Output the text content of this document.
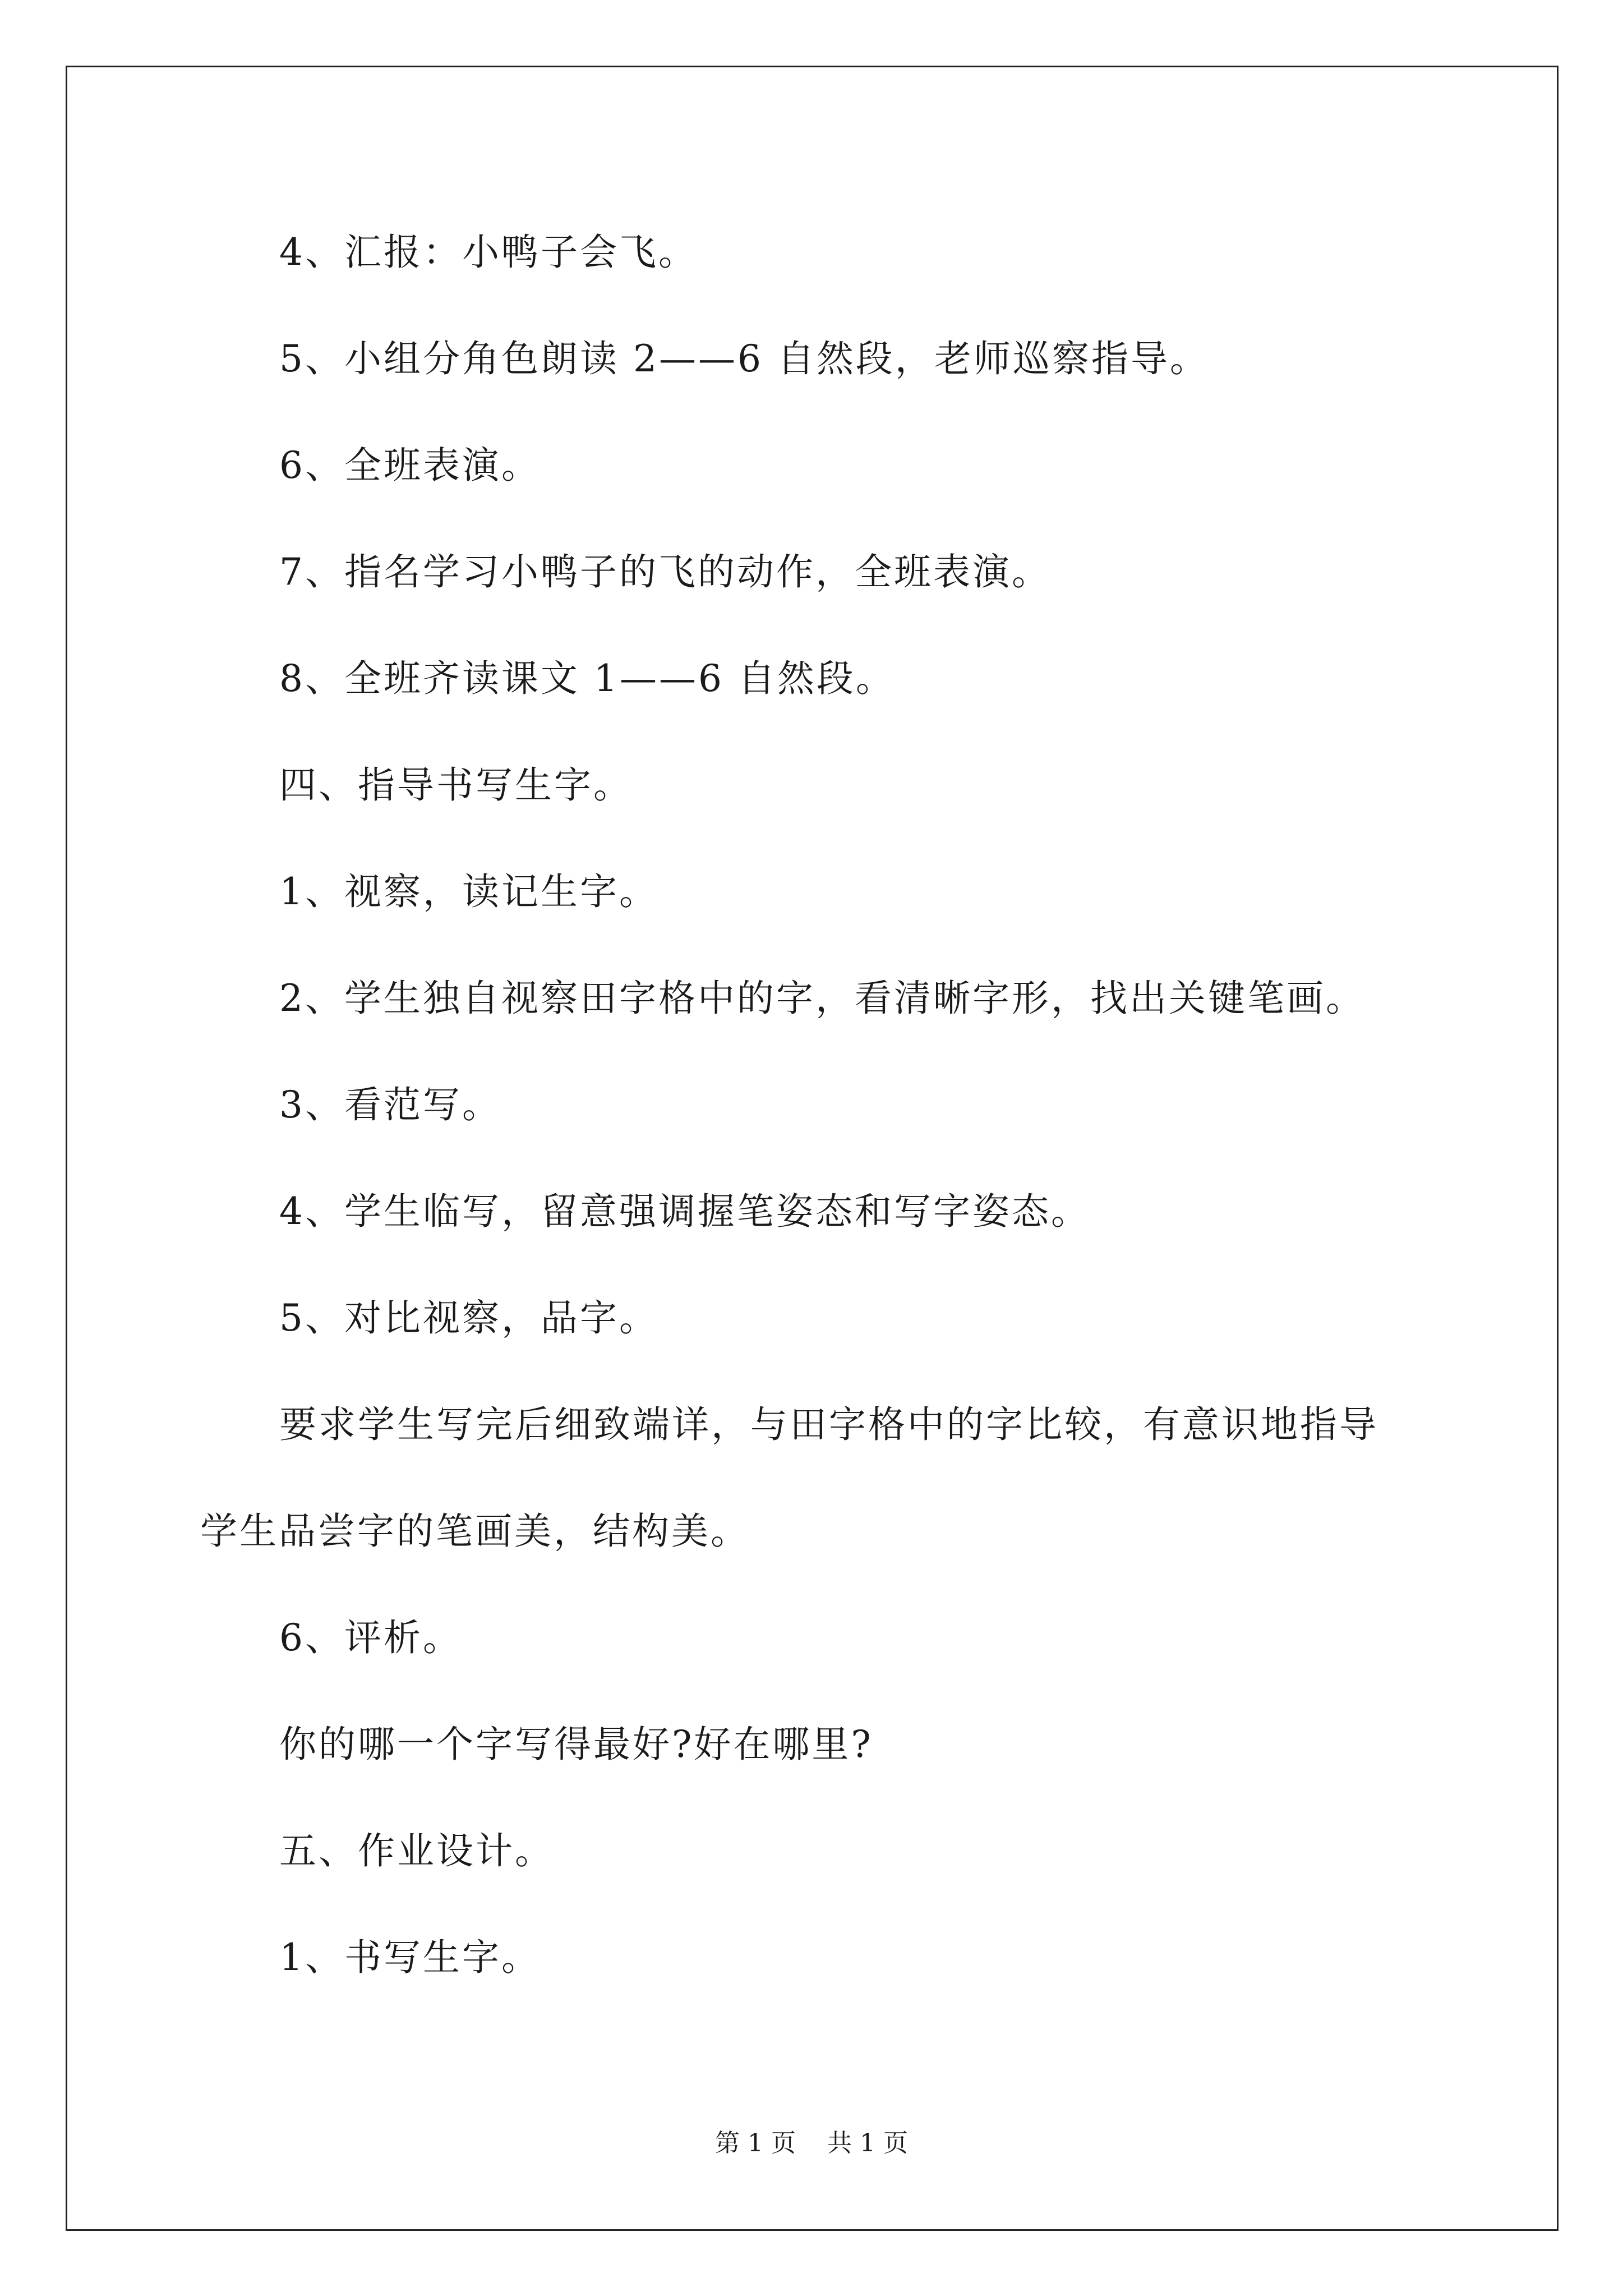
4、汇报：小鸭子会飞。
5、小组分角色朗读 2——6 自然段，老师巡察指导。
6、全班表演。
7、指名学习小鸭子的飞的动作，全班表演。
8、全班齐读课文 1——6 自然段。
四、指导书写生字。
1、视察，读记生字。
2、学生独自视察田字格中的字，看清晰字形，找出关键笔画。
3、看范写。
4、学生临写，留意强调握笔姿态和写字姿态。
5、对比视察，品字。
要求学生写完后细致端详，与田字格中的字比较，有意识地指导
学生品尝字的笔画美，结构美。
6、评析。
你的哪一个字写得最好?好在哪里?
五、作业设计。
1、书写生字。
第 1 页 共 1 页
